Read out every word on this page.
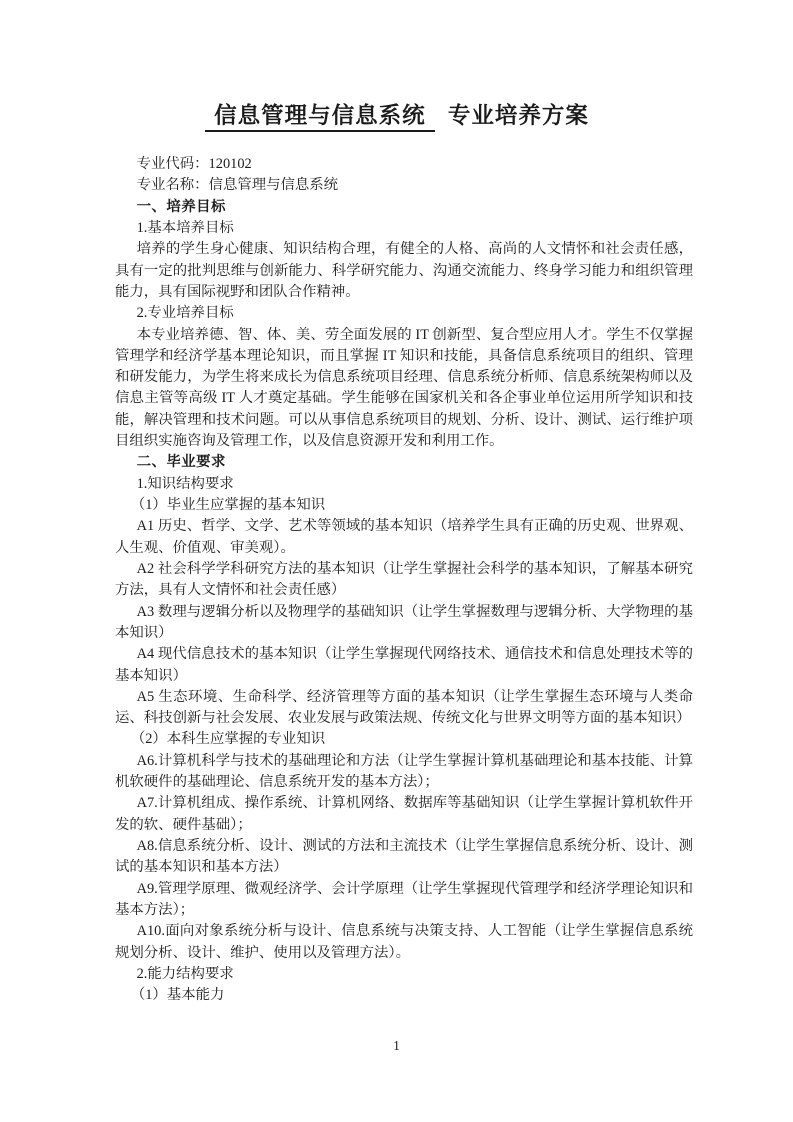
信息管理与信息系统 专业培养方案

专业代码：120102

专业名称：信息管理与信息系统

一、培养目标

1.基本培养目标

培养的学生身心健康、知识结构合理，有健全的人格、高尚的人文情怀和社会责任感，具有一定的批判思维与创新能力、科学研究能力、沟通交流能力、终身学习能力和组织管理能力，具有国际视野和团队合作精神。

2.专业培养目标

本专业培养德、智、体、美、劳全面发展的 IT 创新型、复合型应用人才。学生不仅掌握管理学和经济学基本理论知识，而且掌握 IT 知识和技能，具备信息系统项目的组织、管理和研发能力，为学生将来成长为信息系统项目经理、信息系统分析师、信息系统架构师以及信息主管等高级 IT 人才奠定基础。学生能够在国家机关和各企事业单位运用所学知识和技能，解决管理和技术问题。可以从事信息系统项目的规划、分析、设计、测试、运行维护项目组织实施咨询及管理工作，以及信息资源开发和利用工作。

二、毕业要求

1.知识结构要求

（1）毕业生应掌握的基本知识

A1 历史、哲学、文学、艺术等领域的基本知识（培养学生具有正确的历史观、世界观、人生观、价值观、审美观）。

A2 社会科学学科研究方法的基本知识（让学生掌握社会科学的基本知识，了解基本研究方法，具有人文情怀和社会责任感）

A3 数理与逻辑分析以及物理学的基础知识（让学生掌握数理与逻辑分析、大学物理的基本知识）

A4 现代信息技术的基本知识（让学生掌握现代网络技术、通信技术和信息处理技术等的基本知识）

A5 生态环境、生命科学、经济管理等方面的基本知识（让学生掌握生态环境与人类命运、科技创新与社会发展、农业发展与政策法规、传统文化与世界文明等方面的基本知识）

（2）本科生应掌握的专业知识

A6.计算机科学与技术的基础理论和方法（让学生掌握计算机基础理论和基本技能、计算机软硬件的基础理论、信息系统开发的基本方法）；

A7.计算机组成、操作系统、计算机网络、数据库等基础知识（让学生掌握计算机软件开发的软、硬件基础）；

A8.信息系统分析、设计、测试的方法和主流技术（让学生掌握信息系统分析、设计、测试的基本知识和基本方法）

A9.管理学原理、微观经济学、会计学原理（让学生掌握现代管理学和经济学理论知识和基本方法）；

A10.面向对象系统分析与设计、信息系统与决策支持、人工智能（让学生掌握信息系统规划分析、设计、维护、使用以及管理方法）。

2.能力结构要求

（1）基本能力

1
